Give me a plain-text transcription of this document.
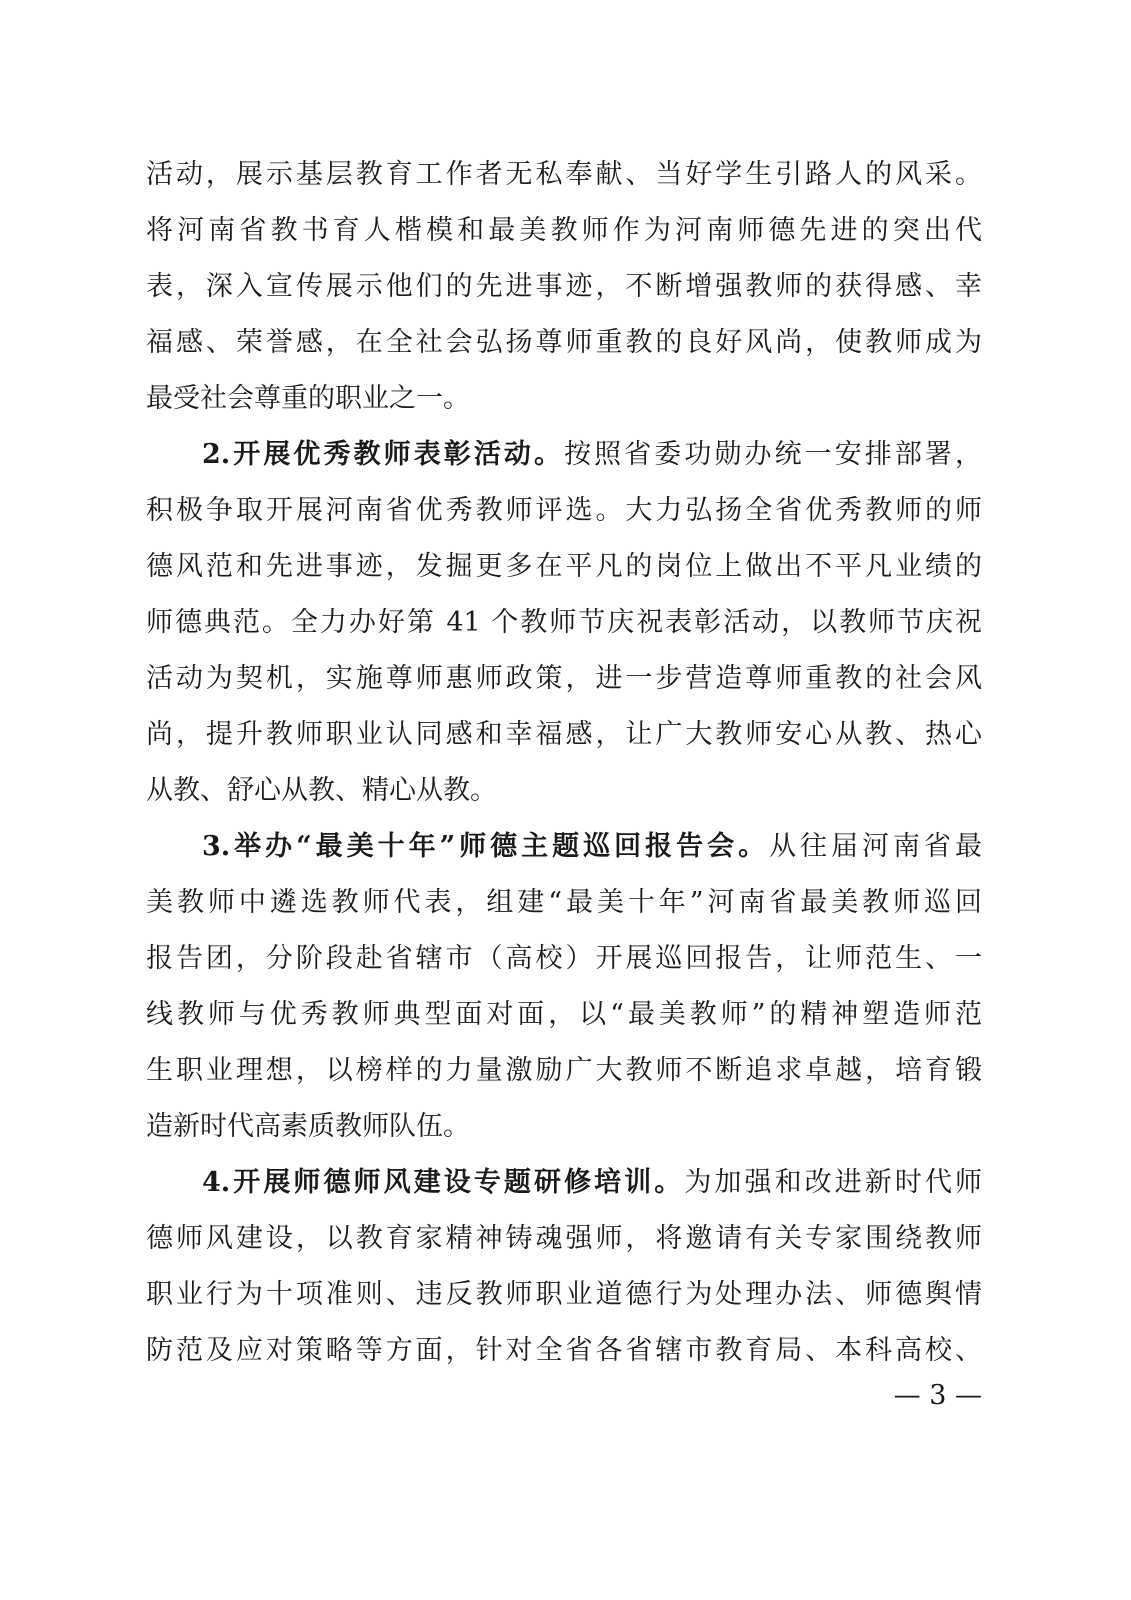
活动，展示基层教育工作者无私奉献、当好学生引路人的风采。
将河南省教书育人楷模和最美教师作为河南师德先进的突出代
表，深入宣传展示他们的先进事迹，不断增强教师的获得感、幸
福感、荣誉感，在全社会弘扬尊师重教的良好风尚，使教师成为
最受社会尊重的职业之一。
2.开展优秀教师表彰活动。按照省委功勋办统一安排部署，
积极争取开展河南省优秀教师评选。大力弘扬全省优秀教师的师
德风范和先进事迹，发掘更多在平凡的岗位上做出不平凡业绩的
师德典范。全力办好第 41 个教师节庆祝表彰活动，以教师节庆祝
活动为契机，实施尊师惠师政策，进一步营造尊师重教的社会风
尚，提升教师职业认同感和幸福感，让广大教师安心从教、热心
从教、舒心从教、精心从教。
3.举办“最美十年”师德主题巡回报告会。从往届河南省最
美教师中遴选教师代表，组建“最美十年”河南省最美教师巡回
报告团，分阶段赴省辖市（高校）开展巡回报告，让师范生、一
线教师与优秀教师典型面对面，以“最美教师”的精神塑造师范
生职业理想，以榜样的力量激励广大教师不断追求卓越，培育锻
造新时代高素质教师队伍。
4.开展师德师风建设专题研修培训。为加强和改进新时代师
德师风建设，以教育家精神铸魂强师，将邀请有关专家围绕教师
职业行为十项准则、违反教师职业道德行为处理办法、师德舆情
防范及应对策略等方面，针对全省各省辖市教育局、本科高校、
— 3 —
